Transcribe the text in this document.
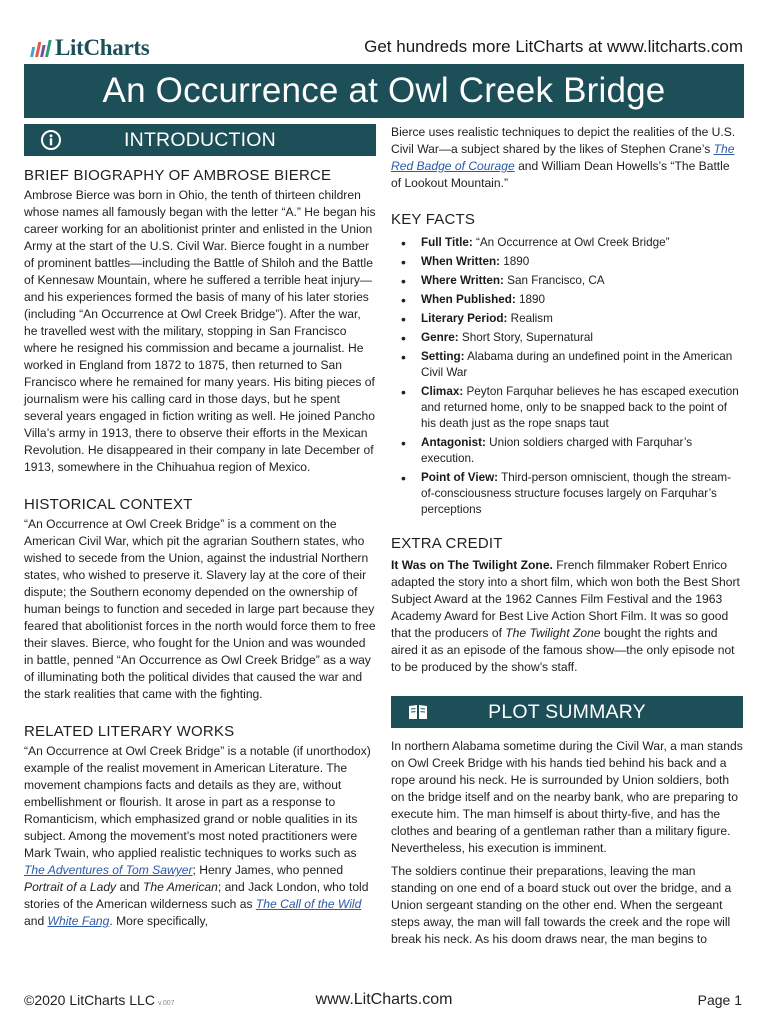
LitCharts	Get hundreds more LitCharts at www.litcharts.com
An Occurrence at Owl Creek Bridge
INTRODUCTION
BRIEF BIOGRAPHY OF AMBROSE BIERCE

Ambrose Bierce was born in Ohio, the tenth of thirteen children whose names all famously began with the letter “A.” He began his career working for an abolitionist printer and enlisted in the Union Army at the start of the U.S. Civil War. Bierce fought in a number of prominent battles—including the Battle of Shiloh and the Battle of Kennesaw Mountain, where he suffered a terrible heat injury—and his experiences formed the basis of many of his later stories (including “An Occurrence at Owl Creek Bridge”). After the war, he travelled west with the military, stopping in San Francisco where he resigned his commission and became a journalist. He worked in England from 1872 to 1875, then returned to San Francisco where he remained for many years. His biting pieces of journalism were his calling card in those days, but he spent several years engaged in fiction writing as well. He joined Pancho Villa’s army in 1913, there to observe their efforts in the Mexican Revolution. He disappeared in their company in late December of 1913, somewhere in the Chihuahua region of Mexico.

HISTORICAL CONTEXT

“An Occurrence at Owl Creek Bridge” is a comment on the American Civil War, which pit the agrarian Southern states, who wished to secede from the Union, against the industrial Northern states, who wished to preserve it. Slavery lay at the core of their dispute; the Southern economy depended on the ownership of human beings to function and seceded in large part because they feared that abolitionist forces in the north would force them to free their slaves. Bierce, who fought for the Union and was wounded in battle, penned “An Occurrence as Owl Creek Bridge” as a way of illuminating both the political divides that caused the war and the stark realities that came with the fighting.

RELATED LITERARY WORKS

“An Occurrence at Owl Creek Bridge” is a notable (if unorthodox) example of the realist movement in American Literature. The movement champions facts and details as they are, without embellishment or flourish. It arose in part as a response to Romanticism, which emphasized grand or noble qualities in its subject. Among the movement’s most noted practitioners were Mark Twain, who applied realistic techniques to works such as The Adventures of Tom Sawyer; Henry James, who penned Portrait of a Lady and The American; and Jack London, who told stories of the American wilderness such as The Call of the Wild and White Fang. More specifically,

Bierce uses realistic techniques to depict the realities of the U.S. Civil War—a subject shared by the likes of Stephen Crane’s The Red Badge of Courage and William Dean Howells’s “The Battle of Lookout Mountain.”

KEY FACTS
• Full Title: “An Occurrence at Owl Creek Bridge”
• When Written: 1890
• Where Written: San Francisco, CA
• When Published: 1890
• Literary Period: Realism
• Genre: Short Story, Supernatural
• Setting: Alabama during an undefined point in the American Civil War
• Climax: Peyton Farquhar believes he has escaped execution and returned home, only to be snapped back to the point of his death just as the rope snaps taut
• Antagonist: Union soldiers charged with Farquhar’s execution.
• Point of View: Third-person omniscient, though the stream-of-consciousness structure focuses largely on Farquhar’s perceptions
EXTRA CREDIT

It Was on The Twilight Zone. French filmmaker Robert Enrico adapted the story into a short film, which won both the Best Short Subject Award at the 1962 Cannes Film Festival and the 1963 Academy Award for Best Live Action Short Film. It was so good that the producers of The Twilight Zone bought the rights and aired it as an episode of the famous show—the only episode not to be produced by the show’s staff.

PLOT SUMMARY

In northern Alabama sometime during the Civil War, a man stands on Owl Creek Bridge with his hands tied behind his back and a rope around his neck. He is surrounded by Union soldiers, both on the bridge itself and on the nearby bank, who are preparing to execute him. The man himself is about thirty-five, and has the clothes and bearing of a gentleman rather than a military figure. Nevertheless, his execution is imminent.

The soldiers continue their preparations, leaving the man standing on one end of a board stuck out over the bridge, and a Union sergeant standing on the other end. When the sergeant steps away, the man will fall towards the creek and the rope will break his neck. As his doom draws near, the man begins to

©2020 LitCharts LLC v.007	www.LitCharts.com	Page 1
